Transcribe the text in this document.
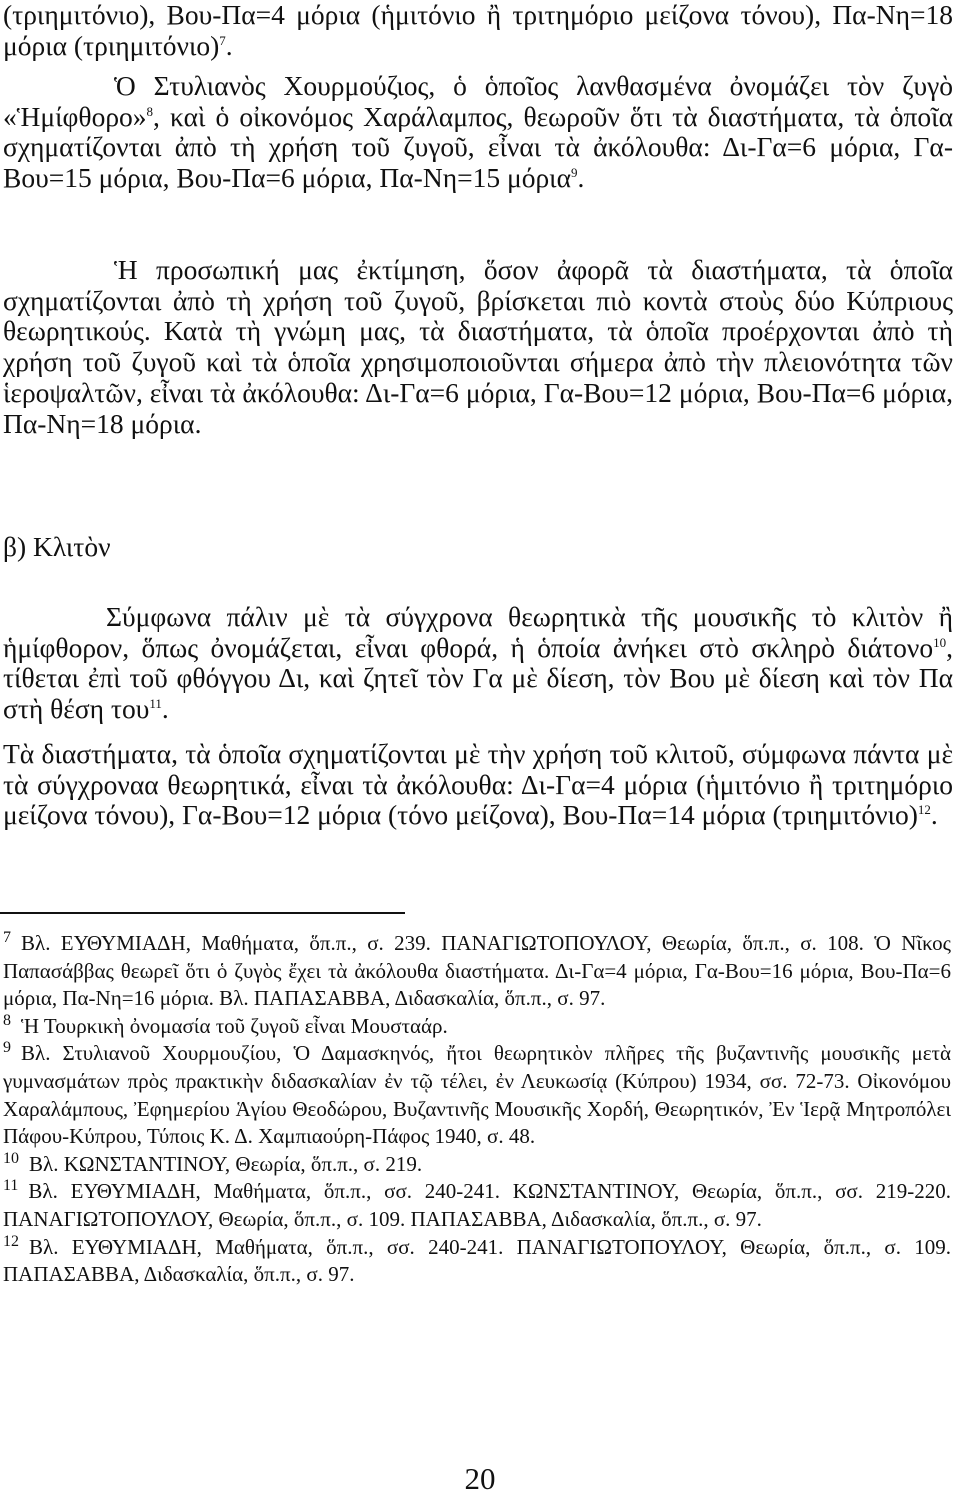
(τριημιτόνιο), Βου-Πα=4 μόρια (ἡμιτόνιο ἢ τριτημόριο μείζονα τόνου), Πα-Νη=18 μόρια $(\tau\rho\iota\eta\mu\iota\tau ό\nu\iota o)^7$.

Ὁ Στυλιανὸς Χουρμούζιος, ὁ ὁποῖος λανθασμένα ὀνομάζει τὸν ζυγὸ «Ἡμίφθορο»$^8$, καὶ ὁ οἰκονόμος Χαράλαμπος, θεωροῦν ὅτι τὰ διαστήματα, τὰ ὁποῖα σχηματίζονται ἀπὸ τὴ χρήση τοῦ ζυγοῦ, εἶναι τὰ ἀκόλουθα: Δι-Γα=6 μόρια, Γα-Βου=15 μόρια, Βου-Πα=6 μόρια, Πα-Νη=15 μόρια$^9$.

Ἡ προσωπική μας ἐκτίμηση, ὅσον ἀφορᾶ τὰ διαστήματα, τὰ ὁποῖα σχηματίζονται ἀπὸ τὴ χρήση τοῦ ζυγοῦ, βρίσκεται πιὸ κοντὰ στοὺς δύο Κύπριους θεωρητικούς. Κατὰ τὴ γνώμη μας, τὰ διαστήματα, τὰ ὁποῖα προέρχονται ἀπὸ τὴ χρήση τοῦ ζυγοῦ καὶ τὰ ὁποῖα χρησιμοποιοῦνται σήμερα ἀπὸ τὴν πλειονότητα τῶν ἱεροψαλτῶν, εἶναι τὰ ἀκόλουθα: Δι-Γα=6 μόρια, Γα-Βου=12 μόρια, Βου-Πα=6 μόρια, Πα-Νη=18 μόρια.

β) Κλιτὸν

Σύμφωνα πάλιν μὲ τὰ σύγχρονα θεωρητικὰ τῆς μουσικῆς τὸ κλιτὸν ἢ ἡμίφθορον, ὅπως ὀνομάζεται, εἶναι φθορά, ἡ ὁποία ἀνήκει στὸ σκληρὸ διάτονο$^{10}$, τίθεται ἐπὶ τοῦ φθόγγου Δι, καὶ ζητεῖ τὸν Γα μὲ δίεση, τὸν Βου μὲ δίεση καὶ τὸν Πα στὴ θέση του$^{11}$.

Τὰ διαστήματα, τὰ ὁποῖα σχηματίζονται μὲ τὴν χρήση τοῦ κλιτοῦ, σύμφωνα πάντα μὲ τὰ σύγχροναα θεωρητικά, εἶναι τὰ ἀκόλουθα: Δι-Γα=4 μόρια (ἡμιτόνιο ἢ τριτημόριο μείζονα τόνου), Γα-Βου=12 μόρια (τόνο μείζονα), Βου-Πα=14 μόρια $(\tau\rho\iota\eta\mu\iota\tau ό\nu\iota o)^{12}$.

$^7$ Βλ. ΕΥΘΥΜΙΑΔΗ, Μαθήματα, ὅπ.π., σ. 239. ΠΑΝΑΓΙΩΤΟΠΟΥΛΟΥ, Θεωρία, ὅπ.π., σ. 108. Ὁ Νῖκος Παπασάββας θεωρεῖ ὅτι ὁ ζυγὸς ἔχει τὰ ἀκόλουθα διαστήματα. Δι-Γα=4 μόρια, Γα-Βου=16 μόρια, Βου-Πα=6 μόρια, Πα-Νη=16 μόρια. Βλ. ΠΑΠΑΣΑΒΒΑ, Διδασκαλία, ὅπ.π., σ. 97.

$^8$ Ἡ Τουρκικὴ ὀνομασία τοῦ ζυγοῦ εἶναι Μουσταάρ.

$^9$ Βλ. Στυλιανοῦ Χουρμουζίου, Ὁ Δαμασκηνός, ἤτοι θεωρητικὸν πλῆρες τῆς βυζαντινῆς μουσικῆς μετὰ γυμνασμάτων πρὸς πρακτικὴν διδασκαλίαν ἐν τῷ τέλει, ἐν Λευκωσίᾳ (Κύπρου) 1934, σσ. 72-73. Οἰκονόμου Χαραλάμπους, Ἐφημερίου Ἁγίου Θεοδώρου, Βυζαντινῆς Μουσικῆς Χορδή, Θεωρητικόν, Ἐν Ἱερᾷ Μητροπόλει Πάφου-Κύπρου, Τύποις Κ. Δ. Χαμπιαούρη-Πάφος 1940, σ. 48.

$^{10}$ Βλ. ΚΩΝΣΤΑΝΤΙΝΟΥ, Θεωρία, ὅπ.π., σ. 219.

$^{11}$ Βλ. ΕΥΘΥΜΙΑΔΗ, Μαθήματα, ὅπ.π., σσ. 240-241. ΚΩΝΣΤΑΝΤΙΝΟΥ, Θεωρία, ὅπ.π., σσ. 219-220. ΠΑΝΑΓΙΩΤΟΠΟΥΛΟΥ, Θεωρία, ὅπ.π., σ. 109. ΠΑΠΑΣΑΒΒΑ, Διδασκαλία, ὅπ.π., σ. 97.

$^{12}$ Βλ. ΕΥΘΥΜΙΑΔΗ, Μαθήματα, ὅπ.π., σσ. 240-241. ΠΑΝΑΓΙΩΤΟΠΟΥΛΟΥ, Θεωρία, ὅπ.π., σ. 109. ΠΑΠΑΣΑΒΒΑ, Διδασκαλία, ὅπ.π., σ. 97.

20
